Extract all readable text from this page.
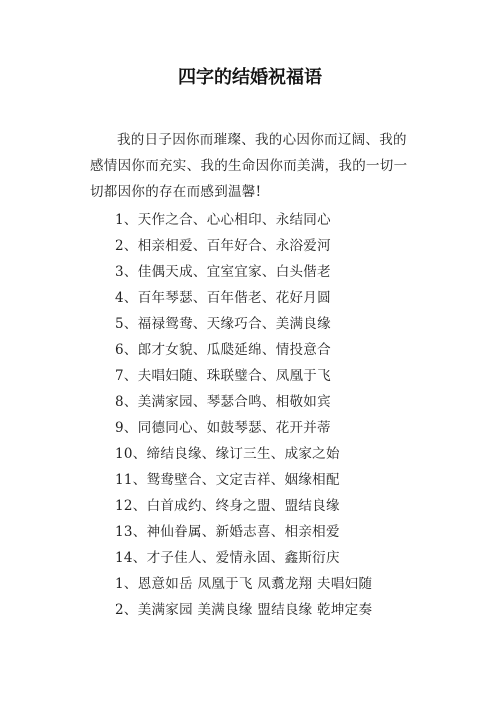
四字的结婚祝福语

我的日子因你而璀璨、我的心因你而辽阔、我的感情因你而充实、我的生命因你而美满，我的一切一切都因你的存在而感到温馨!

1、天作之合、心心相印、永结同心
2、相亲相爱、百年好合、永浴爱河
3、佳偶天成、宜室宜家、白头偕老
4、百年琴瑟、百年偕老、花好月圆
5、福禄鸳鸯、天缘巧合、美满良缘
6、郎才女貌、瓜瓞延绵、情投意合
7、夫唱妇随、珠联璧合、凤凰于飞
8、美满家园、琴瑟合鸣、相敬如宾
9、同德同心、如鼓琴瑟、花开并蒂
10、缔结良缘、缘订三生、成家之始
11、鸳鸯壁合、文定吉祥、姻缘相配
12、白首成约、终身之盟、盟结良缘
13、神仙眷属、新婚志喜、相亲相爱
14、才子佳人、爱情永固、鑫斯衍庆
1、恩意如岳 凤凰于飞 凤翥龙翔 夫唱妇随
2、美满家园 美满良缘 盟结良缘 乾坤定奏
